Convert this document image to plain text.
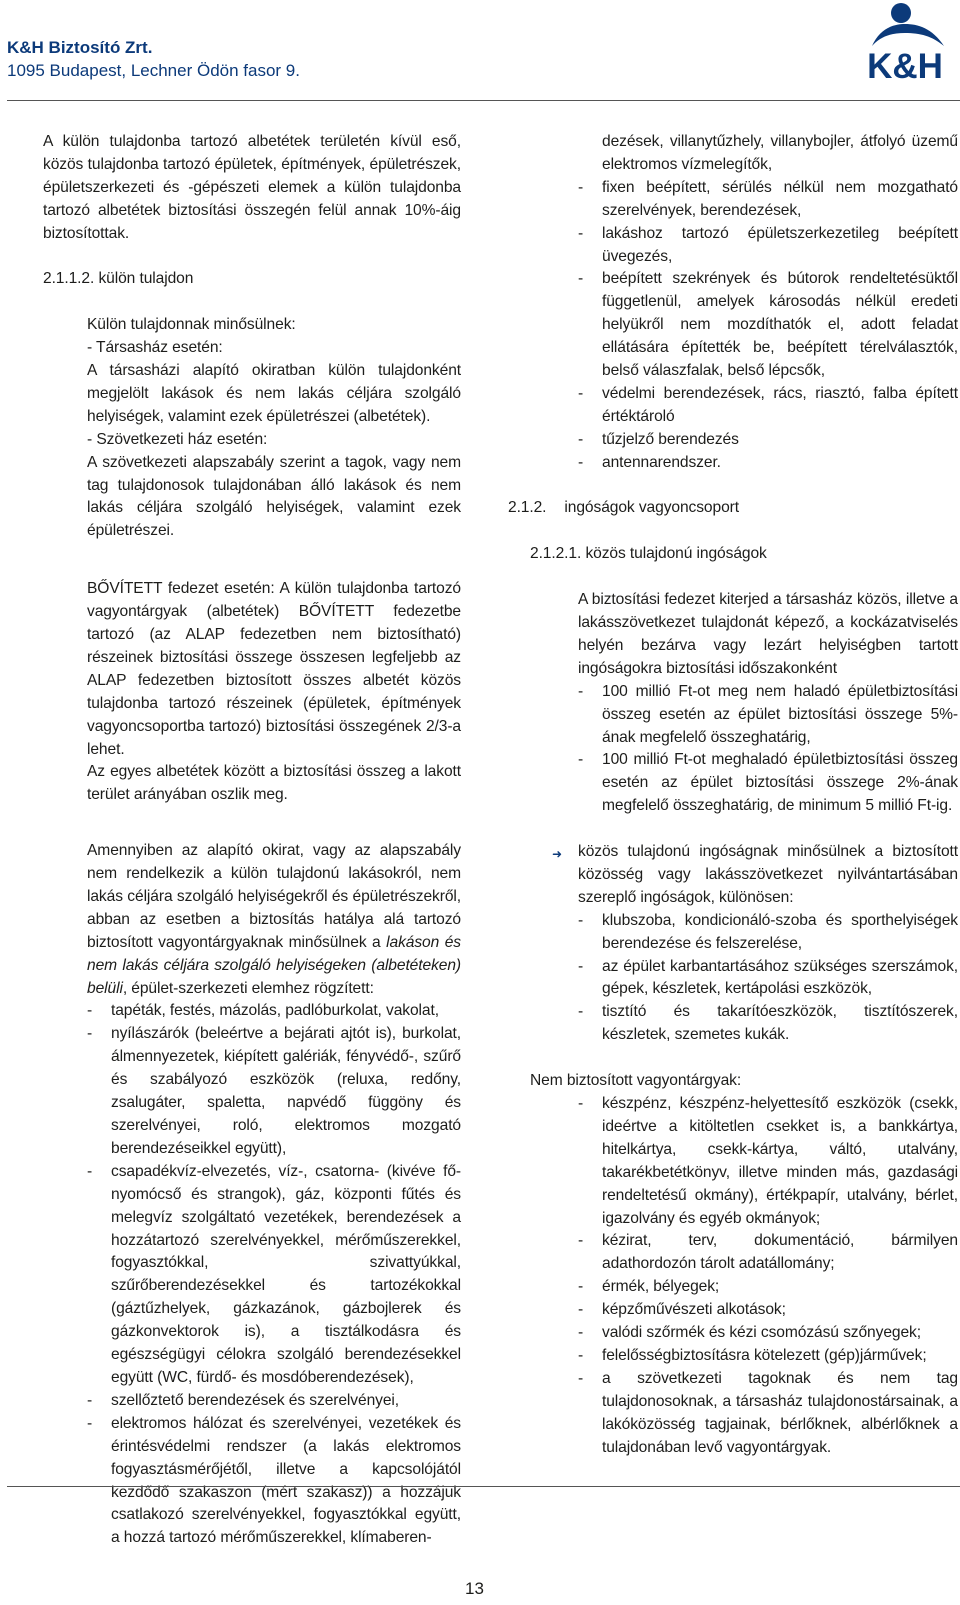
K&H Biztosító Zrt.
1095 Budapest, Lechner Ödön fasor 9.	K&H

A külön tulajdonba tartozó albetétek területén kívül eső, közös tulajdonba tartozó épületek, építmények, épületrészek, épületszerkezeti és -gépészeti elemek a külön tulajdonba tartozó albetétek biztosítási összegén felül annak 10%-áig biztosítottak.

2.1.1.2. külön tulajdon

Külön tulajdonnak minősülnek:

- Társasház esetén:

A társasházi alapító okiratban külön tulajdonként megjelölt lakások és nem lakás céljára szolgáló helyiségek, valamint ezek épületrészei (albetétek).

- Szövetkezeti ház esetén:

A szövetkezeti alapszabály szerint a tagok, vagy nem tag tulajdonosok tulajdonában álló lakások és nem lakás céljára szolgáló helyiségek, valamint ezek épületrészei.

BŐVÍTETT fedezet esetén: A külön tulajdonba tartozó vagyontárgyak (albetétek) BŐVÍTETT fedezetbe tartozó (az ALAP fedezetben nem biztosítható) részeinek biztosítási összege összesen legfeljebb az ALAP fedezetben biztosított összes albetét közös tulajdonba tartozó részeinek (épületek, építmények vagyoncsoportba tartozó) biztosítási összegének 2/3-a lehet.

Az egyes albetétek között a biztosítási összeg a lakott terület arányában oszlik meg.

Amennyiben az alapító okirat, vagy az alapszabály nem rendelkezik a külön tulajdonú lakásokról, nem lakás céljára szolgáló helyiségekről és épületrészekről, abban az esetben a biztosítás hatálya alá tartozó biztosított vagyontárgyaknak minősülnek a lakáson és nem lakás céljára szolgáló helyiségeken (albetéteken) belüli, épület-szerkezeti elemhez rögzített:

- tapéták, festés, mázolás, padlóburkolat, vakolat,
- nyílászárók (beleértve a bejárati ajtót is), burkolat, álmennyezetek, kiépített galériák, fényvédő-, szűrő és szabályozó eszközök (reluxa, redőny, zsalugáter, spaletta, napvédő függöny és szerelvényei, roló, elektromos mozgató berendezéseikkel együtt),
- csapadékvíz-elvezetés, víz-, csatorna- (kivéve fő-nyomócső és strangok), gáz, központi fűtés és melegvíz szolgáltató vezetékek, berendezések a hozzátartozó szerelvényekkel, mérőműszerekkel, fogyasztókkal, szivattyúkkal, szűrőberendezésekkel és tartozékokkal (gáztűzhelyek, gázkazánok, gázbojlerek és gázkonvektorok is), a tisztálkodásra és egészségügyi célokra szolgáló berendezésekkel együtt (WC, fürdő- és mosdóberendezések),
- szellőztető berendezések és szerelvényei,
- elektromos hálózat és szerelvényei, vezetékek és érintésvédelmi rendszer (a lakás elektromos fogyasztásmérőjétől, illetve a kapcsolójától kezdődő szakaszon (mért szakasz)) a hozzájuk csatlakozó szerelvényekkel, fogyasztókkal együtt, a hozzá tartozó mérőműszerekkel, klímaberen-
dezések, villanytűzhely, villanybojler, átfolyó üzemű elektromos vízmelegítők,
- fixen beépített, sérülés nélkül nem mozgatható szerelvények, berendezések,
- lakáshoz tartozó épületszerkezetileg beépített üvegezés,
- beépített szekrények és bútorok rendeltetésüktől függetlenül, amelyek károsodás nélkül eredeti helyükről nem mozdíthatók el, adott feladat ellátására építették be, beépített térelválasztók, belső válaszfalak, belső lépcsők,
- védelmi berendezések, rács, riasztó, falba épített értéktároló
- tűzjelző berendezés
- antennarendszer.

2.1.2. ingóságok vagyoncsoport

2.1.2.1. közös tulajdonú ingóságok

A biztosítási fedezet kiterjed a társasház közös, illetve a lakásszövetkezet tulajdonát képező, a kockázatviselés helyén bezárva vagy lezárt helyiségben tartott ingóságokra biztosítási időszakonként

- 100 millió Ft-ot meg nem haladó épületbiztosítási összeg esetén az épület biztosítási összege 5%-ának megfelelő összeghatárig,
- 100 millió Ft-ot meghaladó épületbiztosítási összeg esetén az épület biztosítási összege 2%-ának megfelelő összeghatárig, de minimum 5 millió Ft-ig.
➜ közös tulajdonú ingóságnak minősülnek a biztosított közösség vagy lakásszövetkezet nyilvántartásában szereplő ingóságok, különösen:
- klubszoba, kondicionáló-szoba és sporthelyiségek berendezése és felszerelése,
- az épület karbantartásához szükséges szerszámok, gépek, készletek, kertápolási eszközök,
- tisztító és takarítóeszközök, tisztítószerek, készletek, szemetes kukák.

Nem biztosított vagyontárgyak:

- készpénz, készpénz-helyettesítő eszközök (csekk, ideértve a kitöltetlen csekket is, a bankkártya, hitelkártya, csekk-kártya, váltó, utalvány, takarékbetétkönyv, illetve minden más, gazdasági rendeltetésű okmány), értékpapír, utalvány, bérlet, igazolvány és egyéb okmányok;
- kézirat, terv, dokumentáció, bármilyen adathordozón tárolt adatállomány;
- érmék, bélyegek;
- képzőművészeti alkotások;
- valódi szőrmék és kézi csomózású szőnyegek;
- felelősségbiztosításra kötelezett (gép)járművek;
- a szövetkezeti tagoknak és nem tag tulajdonosoknak, a társasház tulajdonostársainak, a lakóközösség tagjainak, bérlőknek, albérlőknek a tulajdonában levő vagyontárgyak.
13
